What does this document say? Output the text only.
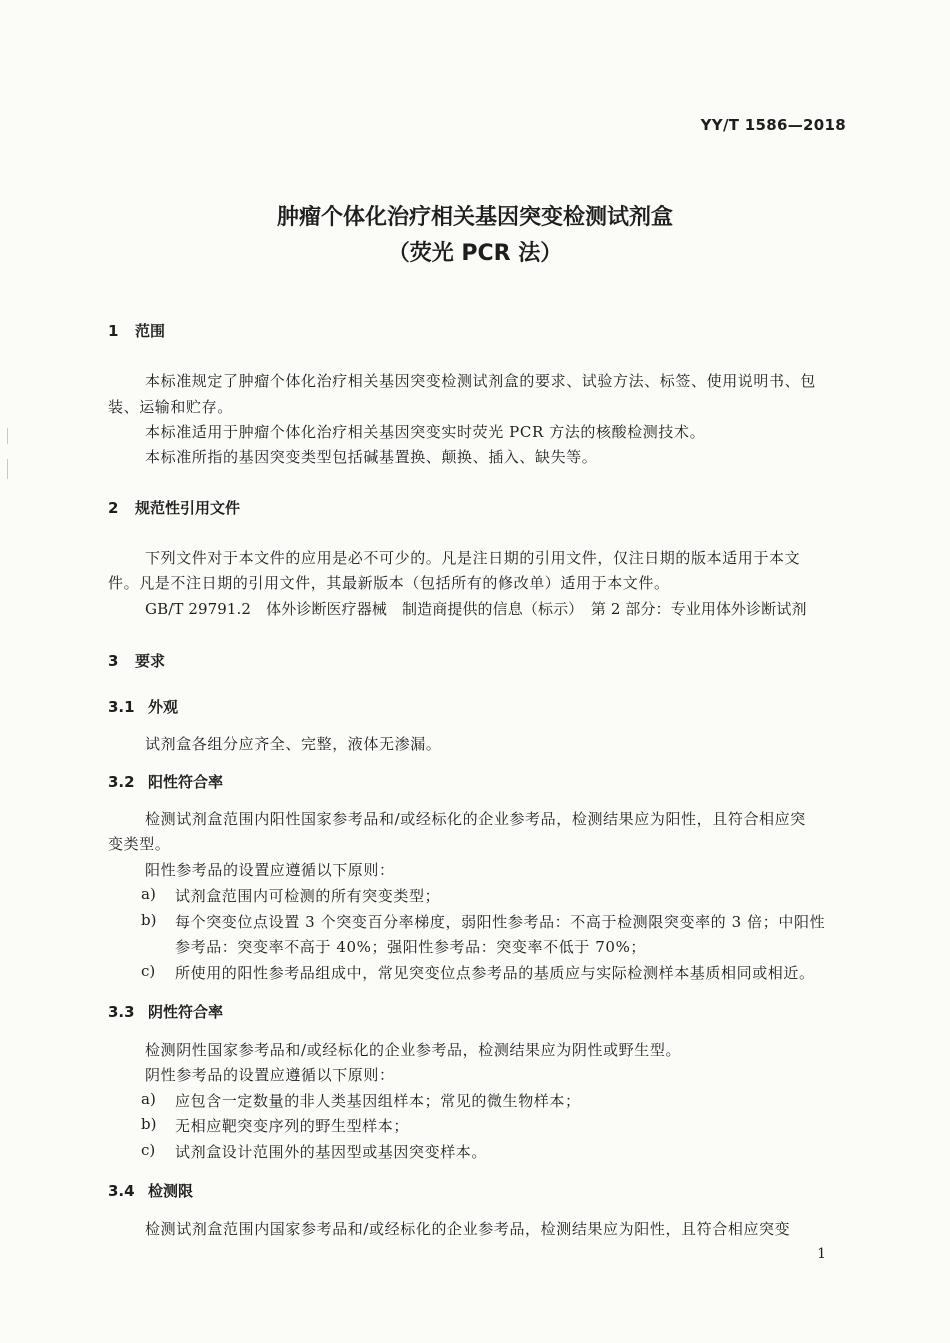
YY/T 1586—2018
肿瘤个体化治疗相关基因突变检测试剂盒
（荧光 PCR 法）
1 范围
本标准规定了肿瘤个体化治疗相关基因突变检测试剂盒的要求、试验方法、标签、使用说明书、包
装、运输和贮存。
本标准适用于肿瘤个体化治疗相关基因突变实时荧光 PCR 方法的核酸检测技术。
本标准所指的基因突变类型包括碱基置换、颠换、插入、缺失等。
2 规范性引用文件
下列文件对于本文件的应用是必不可少的。凡是注日期的引用文件，仅注日期的版本适用于本文
件。凡是不注日期的引用文件，其最新版本（包括所有的修改单）适用于本文件。
GB/T 29791.2　体外诊断医疗器械　制造商提供的信息（标示）　第 2 部分：专业用体外诊断试剂
3 要求
3.1 外观
试剂盒各组分应齐全、完整，液体无渗漏。
3.2 阳性符合率
检测试剂盒范围内阳性国家参考品和/或经标化的企业参考品，检测结果应为阳性，且符合相应突
变类型。
阳性参考品的设置应遵循以下原则：
a) 试剂盒范围内可检测的所有突变类型；
b) 每个突变位点设置 3 个突变百分率梯度，弱阳性参考品：不高于检测限突变率的 3 倍；中阳性
参考品：突变率不高于 40%；强阳性参考品：突变率不低于 70%；
c) 所使用的阳性参考品组成中，常见突变位点参考品的基质应与实际检测样本基质相同或相近。
3.3 阴性符合率
检测阴性国家参考品和/或经标化的企业参考品，检测结果应为阴性或野生型。
阴性参考品的设置应遵循以下原则：
a) 应包含一定数量的非人类基因组样本；常见的微生物样本；
b) 无相应靶突变序列的野生型样本；
c) 试剂盒设计范围外的基因型或基因突变样本。
3.4 检测限
检测试剂盒范围内国家参考品和/或经标化的企业参考品，检测结果应为阳性，且符合相应突变
1
